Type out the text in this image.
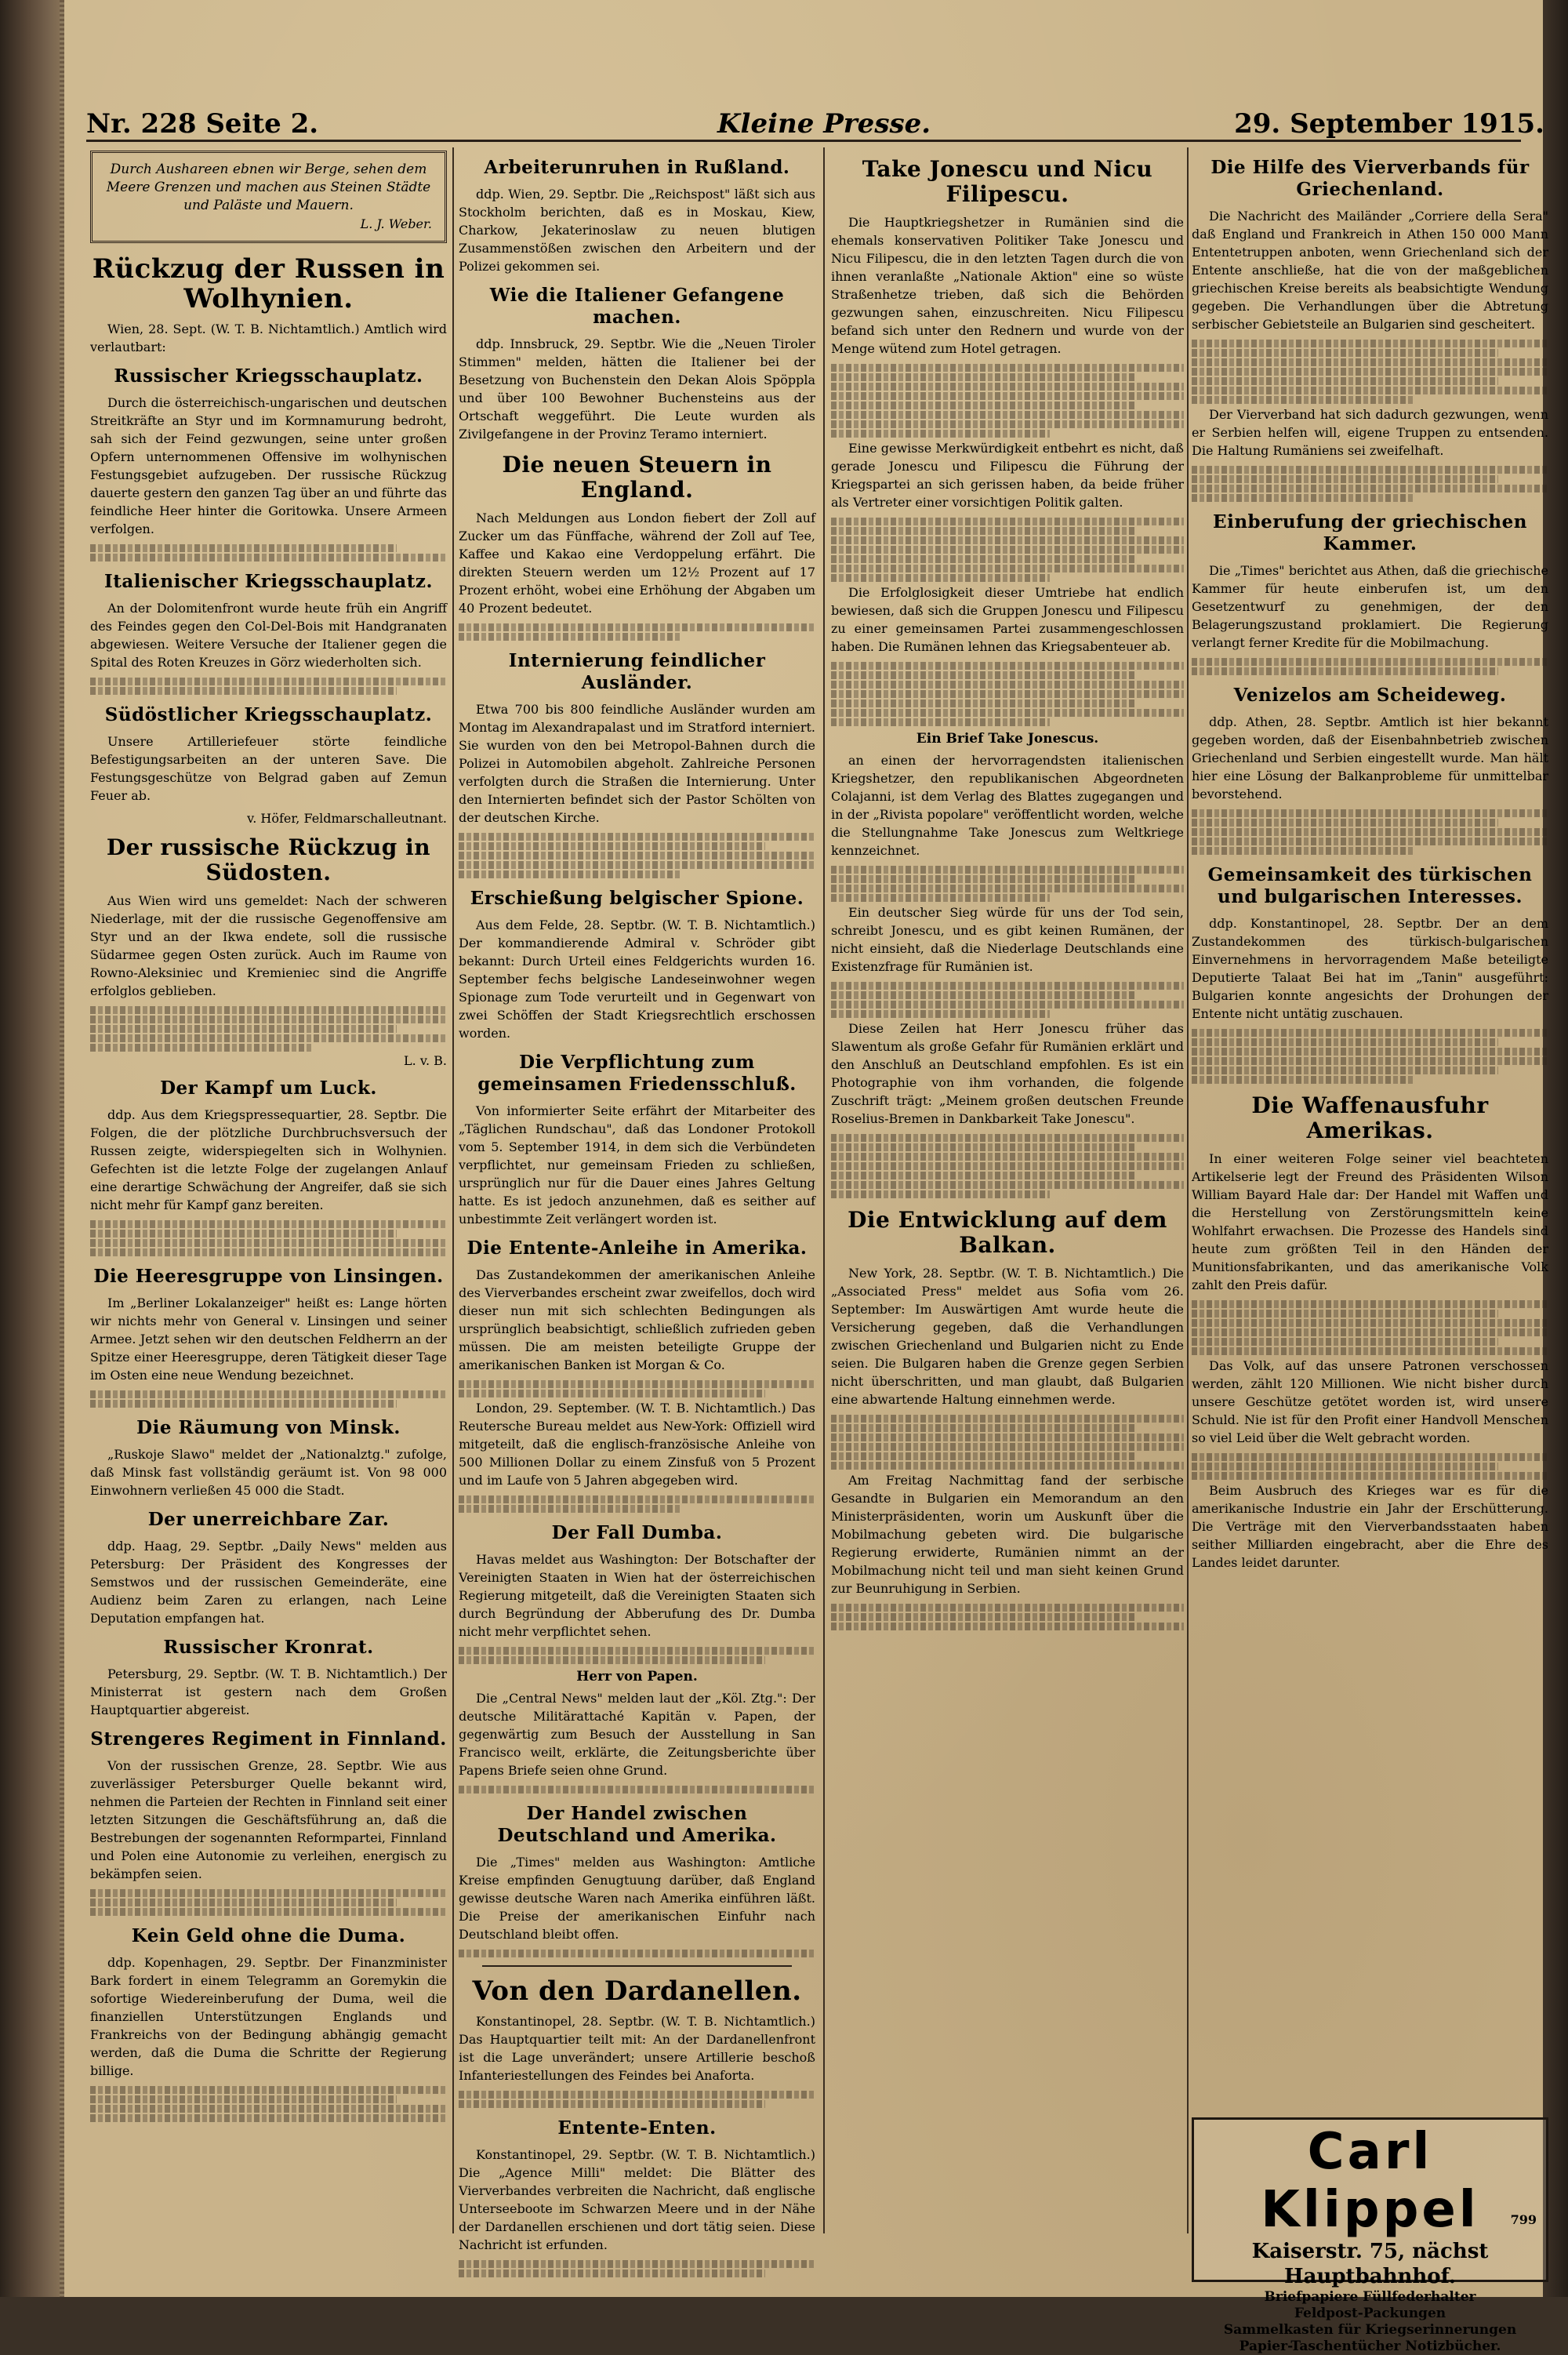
Nr. 228 Seite 2.	Kleine Presse.	29. September 1915.
Durch Aushareen ebnen wir Berge, sehen dem Meere Grenzen und machen aus Steinen Städte und Paläste und Mauern.
L. J. Weber.
Rückzug der Russen in Wolhynien.

Wien, 28. Sept. (W. T. B. Nichtamtlich.) Amtlich wird verlautbart:

Russischer Kriegsschauplatz.

Durch die österreichisch-ungarischen und deutschen Streitkräfte an Styr und im Kormnamurung bedroht, sah sich der Feind gezwungen, seine unter großen Opfern unternommenen Offensive im wolhynischen Festungsgebiet aufzugeben. Der russische Rückzug dauerte gestern den ganzen Tag über an und führte das feindliche Heer hinter die Goritowka. Unsere Armeen verfolgen.

Italienischer Kriegsschauplatz.

An der Dolomitenfront wurde heute früh ein Angriff des Feindes gegen den Col-Del-Bois mit Handgranaten abgewiesen. Weitere Versuche der Italiener gegen die Spital des Roten Kreuzes in Görz wiederholten sich.

Südöstlicher Kriegsschauplatz.

Unsere Artilleriefeuer störte feindliche Befestigungsarbeiten an der unteren Save. Die Festungsgeschütze von Belgrad gaben auf Zemun Feuer ab.

v. Höfer, Feldmarschalleutnant.

Der russische Rückzug in Südosten.

Aus Wien wird uns gemeldet: Nach der schweren Niederlage, mit der die russische Gegenoffensive am Styr und an der Ikwa endete, soll die russische Südarmee gegen Osten zurück. Auch im Raume von Rowno-Aleksiniec und Kremieniec sind die Angriffe erfolglos geblieben.

L. v. B.

Der Kampf um Luck.

ddp. Aus dem Kriegspressequartier, 28. Septbr. Die Folgen, die der plötzliche Durchbruchsversuch der Russen zeigte, widerspiegelten sich in Wolhynien. Gefechten ist die letzte Folge der zugelangen Anlauf eine derartige Schwächung der Angreifer, daß sie sich nicht mehr für Kampf ganz bereiten.

Die Heeresgruppe von Linsingen.

Im „Berliner Lokalanzeiger" heißt es: Lange hörten wir nichts mehr von General v. Linsingen und seiner Armee. Jetzt sehen wir den deutschen Feldherrn an der Spitze einer Heeresgruppe, deren Tätigkeit dieser Tage im Osten eine neue Wendung bezeichnet.

Die Räumung von Minsk.

„Ruskoje Slawo" meldet der „Nationalztg." zufolge, daß Minsk fast vollständig geräumt ist. Von 98 000 Einwohnern verließen 45 000 die Stadt.

Der unerreichbare Zar.

ddp. Haag, 29. Septbr. „Daily News" melden aus Petersburg: Der Präsident des Kongresses der Semstwos und der russischen Gemeinderäte, eine Audienz beim Zaren zu erlangen, nach Leine Deputation empfangen hat.

Russischer Kronrat.

Petersburg, 29. Septbr. (W. T. B. Nichtamtlich.) Der Ministerrat ist gestern nach dem Großen Hauptquartier abgereist.

Strengeres Regiment in Finnland.

Von der russischen Grenze, 28. Septbr. Wie aus zuverlässiger Petersburger Quelle bekannt wird, nehmen die Parteien der Rechten in Finnland seit einer letzten Sitzungen die Geschäftsführung an, daß die Bestrebungen der sogenannten Reformpartei, Finnland und Polen eine Autonomie zu verleihen, energisch zu bekämpfen seien.

Kein Geld ohne die Duma.

ddp. Kopenhagen, 29. Septbr. Der Finanzminister Bark fordert in einem Telegramm an Goremykin die sofortige Wiedereinberufung der Duma, weil die finanziellen Unterstützungen Englands und Frankreichs von der Bedingung abhängig gemacht werden, daß die Duma die Schritte der Regierung billige.

Arbeiterunruhen in Rußland.

ddp. Wien, 29. Septbr. Die „Reichspost" läßt sich aus Stockholm berichten, daß es in Moskau, Kiew, Charkow, Jekaterinoslaw zu neuen blutigen Zusammenstößen zwischen den Arbeitern und der Polizei gekommen sei.

Wie die Italiener Gefangene machen.

ddp. Innsbruck, 29. Septbr. Wie die „Neuen Tiroler Stimmen" melden, hätten die Italiener bei der Besetzung von Buchenstein den Dekan Alois Spöppla und über 100 Bewohner Buchensteins aus der Ortschaft weggeführt. Die Leute wurden als Zivilgefangene in der Provinz Teramo interniert.

Die neuen Steuern in England.

Nach Meldungen aus London fiebert der Zoll auf Zucker um das Fünffache, während der Zoll auf Tee, Kaffee und Kakao eine Verdoppelung erfährt. Die direkten Steuern werden um 12½ Prozent auf 17 Prozent erhöht, wobei eine Erhöhung der Abgaben um 40 Prozent bedeutet.

Internierung feindlicher Ausländer.

Etwa 700 bis 800 feindliche Ausländer wurden am Montag im Alexandrapalast und im Stratford interniert. Sie wurden von den bei Metropol-Bahnen durch die Polizei in Automobilen abgeholt. Zahlreiche Personen verfolgten durch die Straßen die Internierung. Unter den Internierten befindet sich der Pastor Schölten von der deutschen Kirche.

Erschießung belgischer Spione.

Aus dem Felde, 28. Septbr. (W. T. B. Nichtamtlich.) Der kommandierende Admiral v. Schröder gibt bekannt: Durch Urteil eines Feldgerichts wurden 16. September fechs belgische Landeseinwohner wegen Spionage zum Tode verurteilt und in Gegenwart von zwei Schöffen der Stadt Kriegsrechtlich erschossen worden.

Die Verpflichtung zum gemeinsamen Friedensschluß.

Von informierter Seite erfährt der Mitarbeiter des „Täglichen Rundschau", daß das Londoner Protokoll vom 5. September 1914, in dem sich die Verbündeten verpflichtet, nur gemeinsam Frieden zu schließen, ursprünglich nur für die Dauer eines Jahres Geltung hatte. Es ist jedoch anzunehmen, daß es seither auf unbestimmte Zeit verlängert worden ist.

Die Entente-Anleihe in Amerika.

Das Zustandekommen der amerikanischen Anleihe des Vierverbandes erscheint zwar zweifellos, doch wird dieser nun mit sich schlechten Bedingungen als ursprünglich beabsichtigt, schließlich zufrieden geben müssen. Die am meisten beteiligte Gruppe der amerikanischen Banken ist Morgan & Co.

London, 29. September. (W. T. B. Nichtamtlich.) Das Reutersche Bureau meldet aus New-York: Offiziell wird mitgeteilt, daß die englisch-französische Anleihe von 500 Millionen Dollar zu einem Zinsfuß von 5 Prozent und im Laufe von 5 Jahren abgegeben wird.

Der Fall Dumba.

Havas meldet aus Washington: Der Botschafter der Vereinigten Staaten in Wien hat der österreichischen Regierung mitgeteilt, daß die Vereinigten Staaten sich durch Begründung der Abberufung des Dr. Dumba nicht mehr verpflichtet sehen.

Herr von Papen.

Die „Central News" melden laut der „Köl. Ztg.": Der deutsche Militärattaché Kapitän v. Papen, der gegenwärtig zum Besuch der Ausstellung in San Francisco weilt, erklärte, die Zeitungsberichte über Papens Briefe seien ohne Grund.

Der Handel zwischen Deutschland und Amerika.

Die „Times" melden aus Washington: Amtliche Kreise empfinden Genugtuung darüber, daß England gewisse deutsche Waren nach Amerika einführen läßt. Die Preise der amerikanischen Einfuhr nach Deutschland bleibt offen.

Von den Dardanellen.

Konstantinopel, 28. Septbr. (W. T. B. Nichtamtlich.) Das Hauptquartier teilt mit: An der Dardanellenfront ist die Lage unverändert; unsere Artillerie beschoß Infanteriestellungen des Feindes bei Anaforta.

Entente-Enten.

Konstantinopel, 29. Septbr. (W. T. B. Nichtamtlich.) Die „Agence Milli" meldet: Die Blätter des Vierverbandes verbreiten die Nachricht, daß englische Unterseeboote im Schwarzen Meere und in der Nähe der Dardanellen erschienen und dort tätig seien. Diese Nachricht ist erfunden.

Take Jonescu und Nicu Filipescu.

Die Hauptkriegshetzer in Rumänien sind die ehemals konservativen Politiker Take Jonescu und Nicu Filipescu, die in den letzten Tagen durch die von ihnen veranlaßte „Nationale Aktion" eine so wüste Straßenhetze trieben, daß sich die Behörden gezwungen sahen, einzuschreiten. Nicu Filipescu befand sich unter den Rednern und wurde von der Menge wütend zum Hotel getragen.

Eine gewisse Merkwürdigkeit entbehrt es nicht, daß gerade Jonescu und Filipescu die Führung der Kriegspartei an sich gerissen haben, da beide früher als Vertreter einer vorsichtigen Politik galten.

Die Erfolglosigkeit dieser Umtriebe hat endlich bewiesen, daß sich die Gruppen Jonescu und Filipescu zu einer gemeinsamen Partei zusammengeschlossen haben. Die Rumänen lehnen das Kriegsabenteuer ab.

Ein Brief Take Jonescus.

an einen der hervorragendsten italienischen Kriegshetzer, den republikanischen Abgeordneten Colajanni, ist dem Verlag des Blattes zugegangen und in der „Rivista popolare" veröffentlicht worden, welche die Stellungnahme Take Jonescus zum Weltkriege kennzeichnet.

Ein deutscher Sieg würde für uns der Tod sein, schreibt Jonescu, und es gibt keinen Rumänen, der nicht einsieht, daß die Niederlage Deutschlands eine Existenzfrage für Rumänien ist.

Diese Zeilen hat Herr Jonescu früher das Slawentum als große Gefahr für Rumänien erklärt und den Anschluß an Deutschland empfohlen. Es ist ein Photographie von ihm vorhanden, die folgende Zuschrift trägt: „Meinem großen deutschen Freunde Roselius-Bremen in Dankbarkeit Take Jonescu".

Die Entwicklung auf dem Balkan.

New York, 28. Septbr. (W. T. B. Nichtamtlich.) Die „Associated Press" meldet aus Sofia vom 26. September: Im Auswärtigen Amt wurde heute die Versicherung gegeben, daß die Verhandlungen zwischen Griechenland und Bulgarien nicht zu Ende seien. Die Bulgaren haben die Grenze gegen Serbien nicht überschritten, und man glaubt, daß Bulgarien eine abwartende Haltung einnehmen werde.

Am Freitag Nachmittag fand der serbische Gesandte in Bulgarien ein Memorandum an den Ministerpräsidenten, worin um Auskunft über die Mobilmachung gebeten wird. Die bulgarische Regierung erwiderte, Rumänien nimmt an der Mobilmachung nicht teil und man sieht keinen Grund zur Beunruhigung in Serbien.

Die Hilfe des Vierverbands für Griechenland.

Die Nachricht des Mailänder „Corriere della Sera" daß England und Frankreich in Athen 150 000 Mann Ententetruppen anboten, wenn Griechenland sich der Entente anschließe, hat die von der maßgeblichen griechischen Kreise bereits als beabsichtigte Wendung gegeben. Die Verhandlungen über die Abtretung serbischer Gebietsteile an Bulgarien sind gescheitert.

Der Vierverband hat sich dadurch gezwungen, wenn er Serbien helfen will, eigene Truppen zu entsenden. Die Haltung Rumäniens sei zweifelhaft.

Einberufung der griechischen Kammer.

Die „Times" berichtet aus Athen, daß die griechische Kammer für heute einberufen ist, um den Gesetzentwurf zu genehmigen, der den Belagerungszustand proklamiert. Die Regierung verlangt ferner Kredite für die Mobilmachung.

Venizelos am Scheideweg.

ddp. Athen, 28. Septbr. Amtlich ist hier bekannt gegeben worden, daß der Eisenbahnbetrieb zwischen Griechenland und Serbien eingestellt wurde. Man hält hier eine Lösung der Balkanprobleme für unmittelbar bevorstehend.

Gemeinsamkeit des türkischen und bulgarischen Interesses.

ddp. Konstantinopel, 28. Septbr. Der an dem Zustandekommen des türkisch-bulgarischen Einvernehmens in hervorragendem Maße beteiligte Deputierte Talaat Bei hat im „Tanin" ausgeführt: Bulgarien konnte angesichts der Drohungen der Entente nicht untätig zuschauen.

Die Waffenausfuhr Amerikas.

In einer weiteren Folge seiner viel beachteten Artikelserie legt der Freund des Präsidenten Wilson William Bayard Hale dar: Der Handel mit Waffen und die Herstellung von Zerstörungsmitteln keine Wohlfahrt erwachsen. Die Prozesse des Handels sind heute zum größten Teil in den Händen der Munitionsfabrikanten, und das amerikanische Volk zahlt den Preis dafür.

Das Volk, auf das unsere Patronen verschossen werden, zählt 120 Millionen. Wie nicht bisher durch unsere Geschütze getötet worden ist, wird unsere Schuld. Nie ist für den Profit einer Handvoll Menschen so viel Leid über die Welt gebracht worden.

Beim Ausbruch des Krieges war es für die amerikanische Industrie ein Jahr der Erschütterung. Die Verträge mit den Vierverbandsstaaten haben seither Milliarden eingebracht, aber die Ehre des Landes leidet darunter.

Carl Klippel
Kaiserstr. 75, nächst Hauptbahnhof.
Briefpapiere Füllfederhalter
Feldpost-Packungen
Sammelkasten für Kriegserinnerungen
Papier-Taschentücher Notizbücher.
799
